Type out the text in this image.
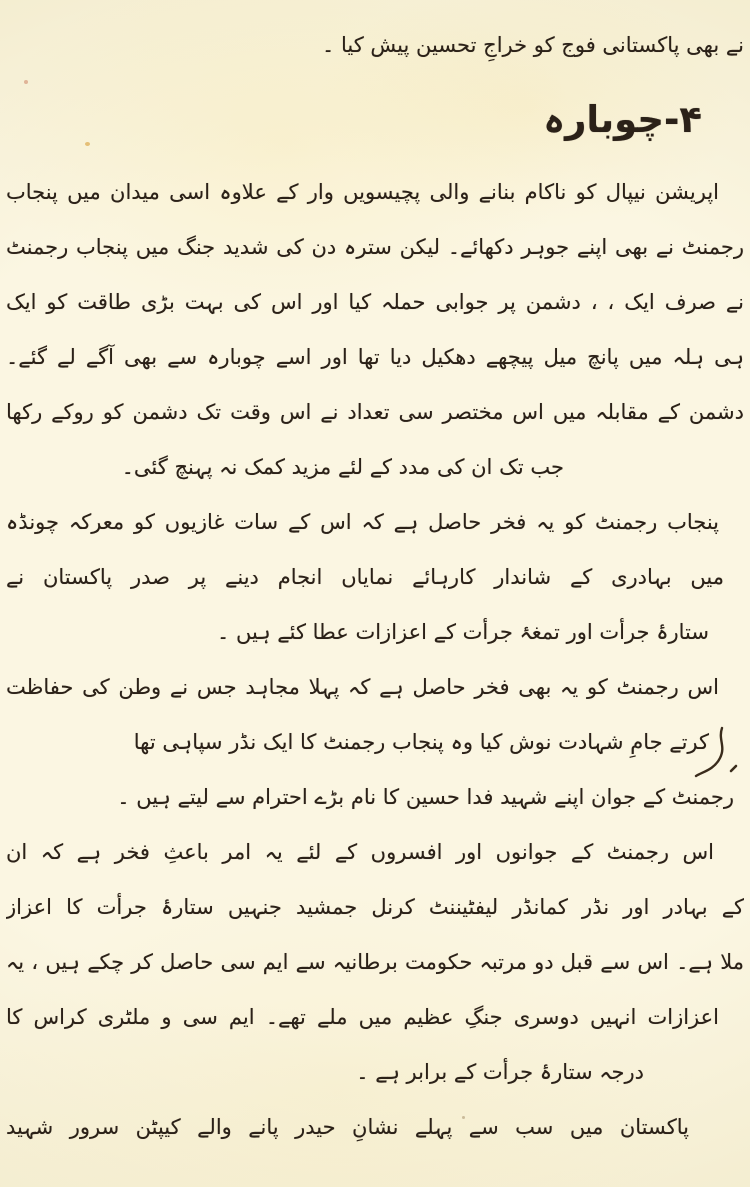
نے بھی پاکستانی فوج کو خراجِ تحسین پیش کیا ۔
۴-چوبارہ
اپریشن نیپال کو ناکام بنانے والی پچیسویں وار کے علاوہ اسی میدان میں پنجاب
رجمنٹ نے بھی اپنے جوہر دکھائے۔ لیکن سترہ دن کی شدید جنگ میں پنجاب رجمنٹ
نے صرف ایک ، ، دشمن پر جوابی حملہ کیا اور اس کی بہت بڑی طاقت کو ایک
ہی ہلہ میں پانچ میل پیچھے دھکیل دیا تھا اور اسے چوبارہ سے بھی آگے لے گئے۔
دشمن کے مقابلہ میں اس مختصر سی تعداد نے اس وقت تک دشمن کو روکے رکھا
جب تک ان کی مدد کے لئے مزید کمک نہ پہنچ گئی۔
پنجاب رجمنٹ کو یہ فخر حاصل ہے کہ اس کے سات غازیوں کو معرکہ چونڈہ
میں بہادری کے شاندار کارہائے نمایاں انجام دینے پر صدر پاکستان نے
ستارۂ جرأت اور تمغۂ جرأت کے اعزازات عطا کئے ہیں ۔
اس رجمنٹ کو یہ بھی فخر حاصل ہے کہ پہلا مجاہد جس نے وطن کی حفاظت
کرتے جامِ شہادت نوش کیا وہ پنجاب رجمنٹ کا ایک نڈر سپاہی تھا
رجمنٹ کے جوان اپنے شہید فدا حسین کا نام بڑے احترام سے لیتے ہیں ۔
اس رجمنٹ کے جوانوں اور افسروں کے لئے یہ امر باعثِ فخر ہے کہ ان
کے بہادر اور نڈر کمانڈر لیفٹیننٹ کرنل جمشید جنہیں ستارۂ جرأت کا اعزاز
ملا ہے۔ اس سے قبل دو مرتبہ حکومت برطانیہ سے ایم سی حاصل کر چکے ہیں ، یہ
اعزازات انہیں دوسری جنگِ عظیم میں ملے تھے۔ ایم سی و ملٹری کراس کا
درجہ ستارۂ جرأت کے برابر ہے ۔
پاکستان میں سب سے پہلے نشانِ حیدر پانے والے کیپٹن سرور شہید
